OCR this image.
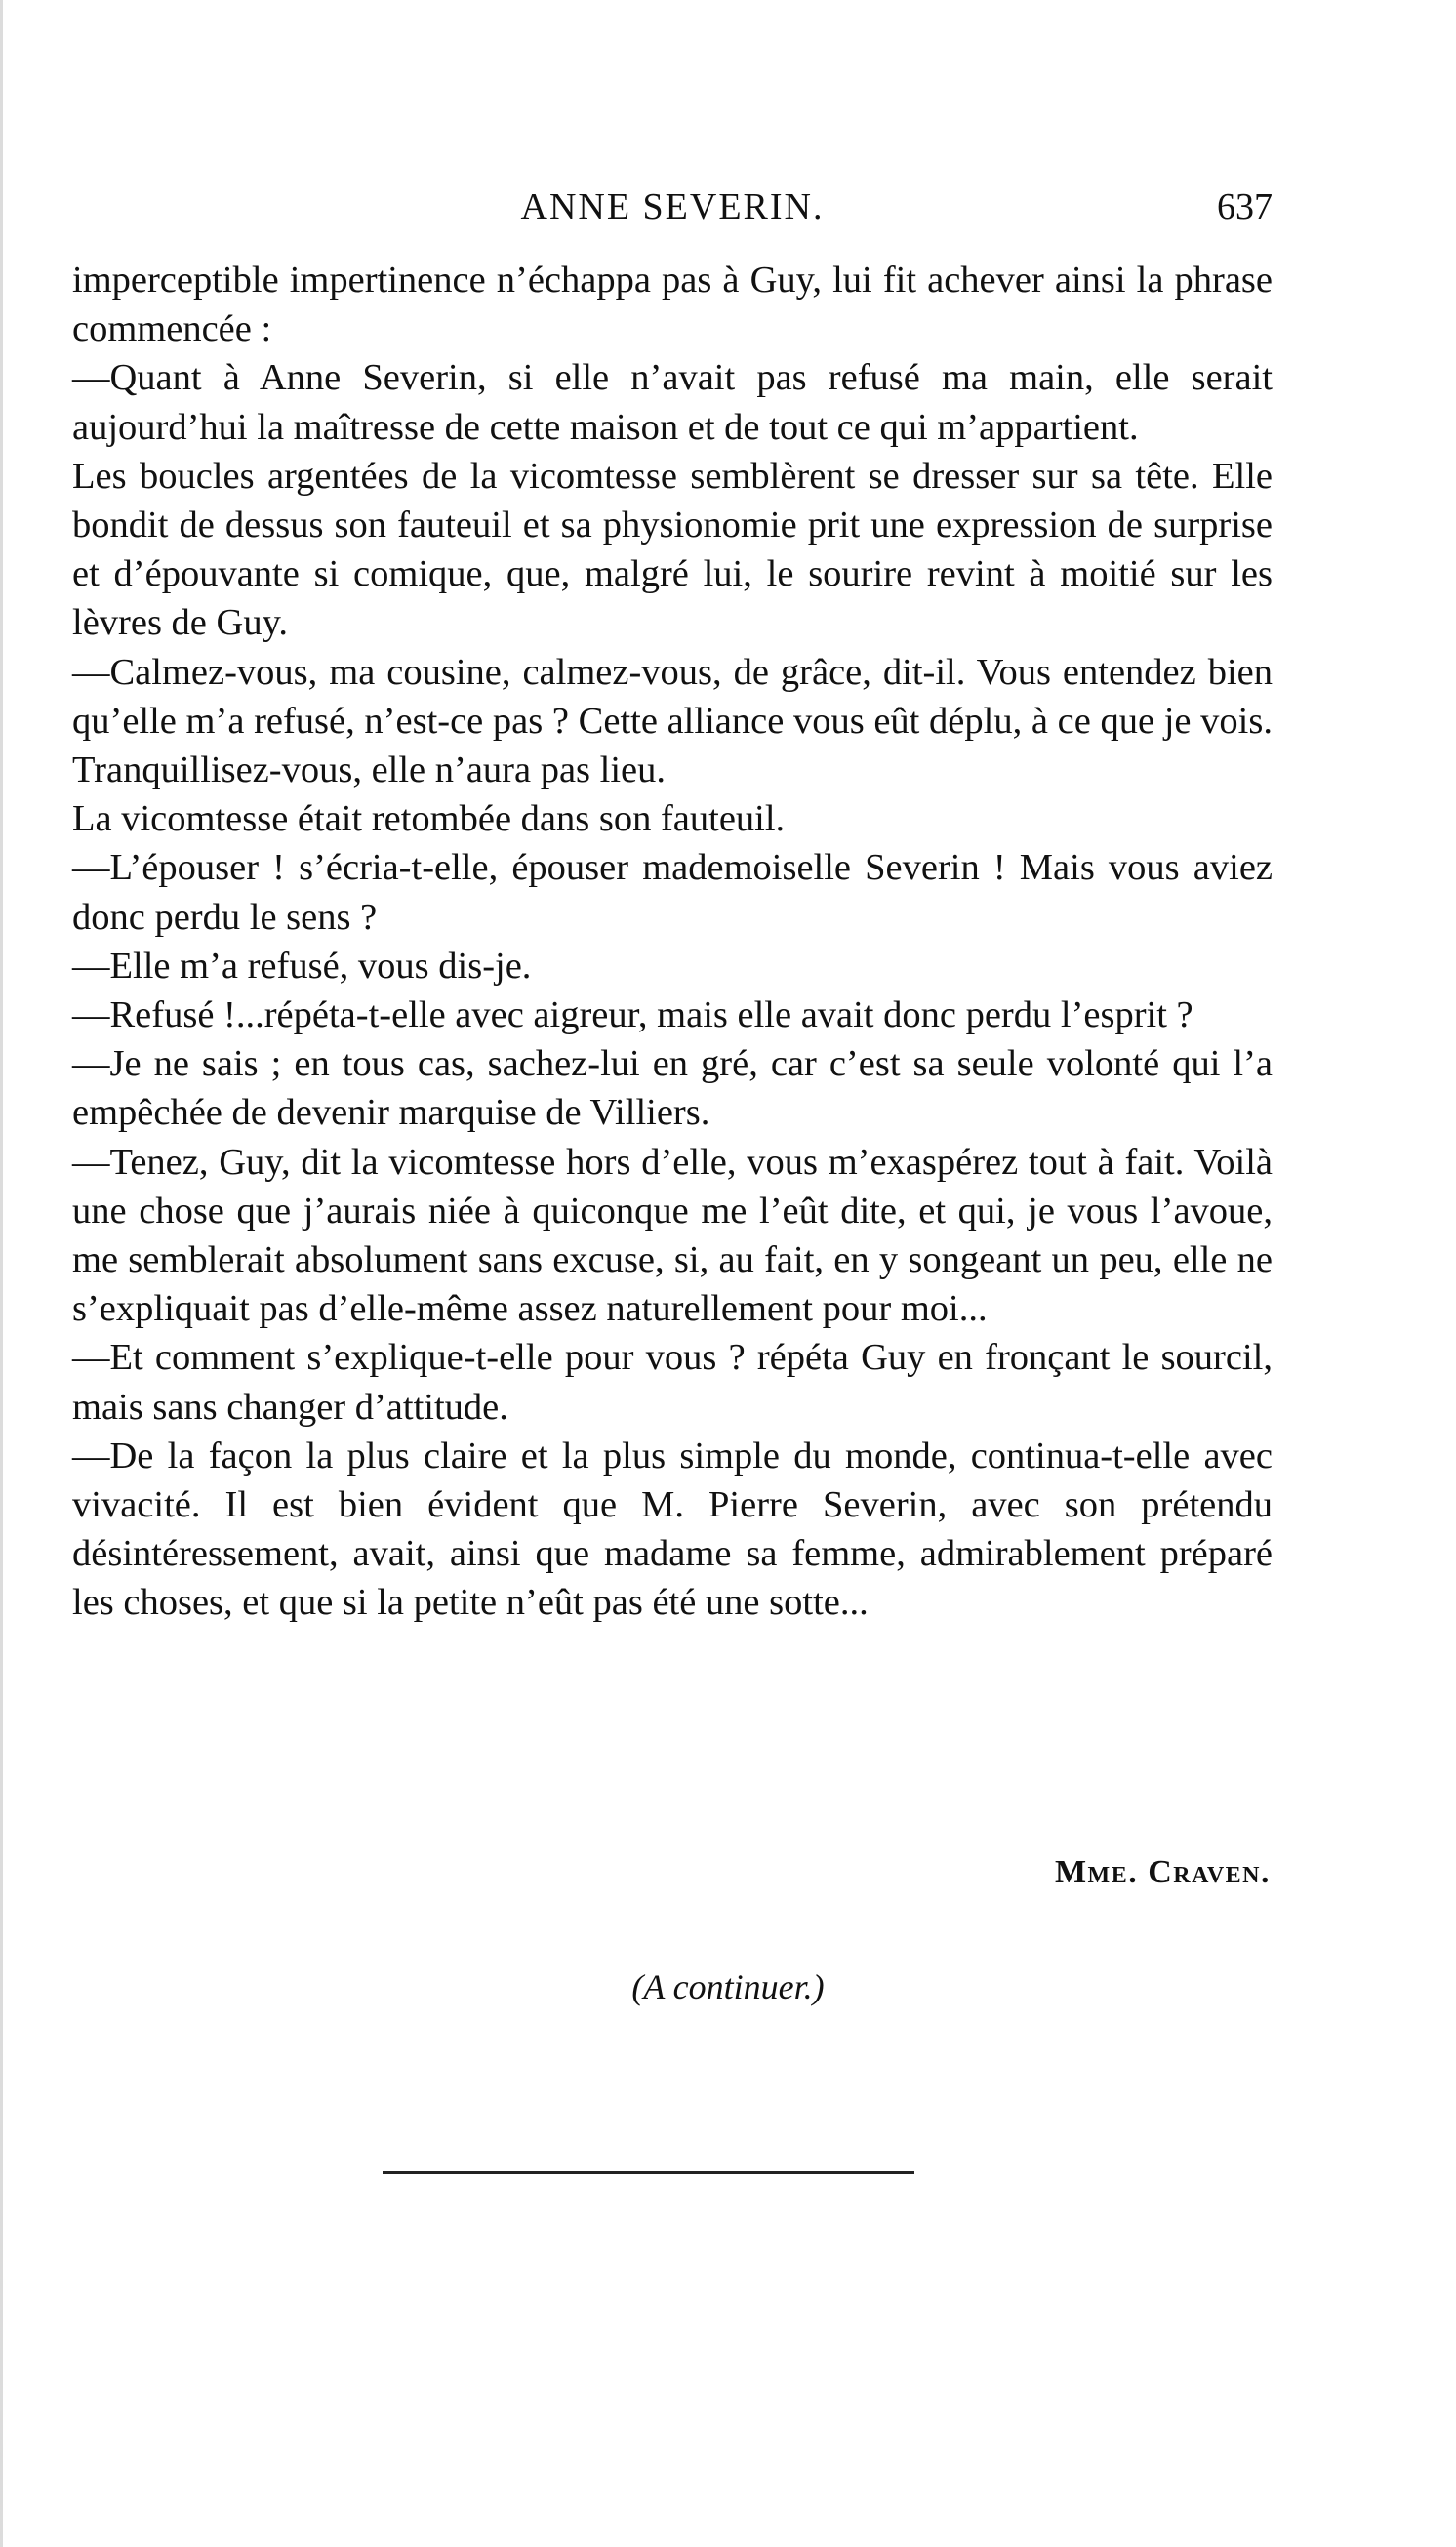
ANNE SEVERIN.	637

imperceptible impertinence n’échappa pas à Guy, lui fit achever ainsi la phrase commencée :

—Quant à Anne Severin, si elle n’avait pas refusé ma main, elle serait aujourd’hui la maîtresse de cette maison et de tout ce qui m’appartient.

Les boucles argentées de la vicomtesse semblèrent se dresser sur sa tête. Elle bondit de dessus son fauteuil et sa physionomie prit une expression de surprise et d’épouvante si comique, que, malgré lui, le sourire revint à moitié sur les lèvres de Guy.

—Calmez-vous, ma cousine, calmez-vous, de grâce, dit-il. Vous entendez bien qu’elle m’a refusé, n’est-ce pas ? Cette alliance vous eût déplu, à ce que je vois. Tranquillisez-vous, elle n’aura pas lieu.

La vicomtesse était retombée dans son fauteuil.

—L’épouser ! s’écria-t-elle, épouser mademoiselle Severin ! Mais vous aviez donc perdu le sens ?

—Elle m’a refusé, vous dis-je.

—Refusé !...répéta-t-elle avec aigreur, mais elle avait donc perdu l’esprit ?

—Je ne sais ; en tous cas, sachez-lui en gré, car c’est sa seule volonté qui l’a empêchée de devenir marquise de Villiers.

—Tenez, Guy, dit la vicomtesse hors d’elle, vous m’exaspérez tout à fait. Voilà une chose que j’aurais niée à quiconque me l’eût dite, et qui, je vous l’avoue, me semblerait absolument sans excuse, si, au fait, en y songeant un peu, elle ne s’expliquait pas d’elle-même assez naturellement pour moi...

—Et comment s’explique-t-elle pour vous ? répéta Guy en fronçant le sourcil, mais sans changer d’attitude.

—De la façon la plus claire et la plus simple du monde, continua-t-elle avec vivacité. Il est bien évident que M. Pierre Severin, avec son prétendu désintéressement, avait, ainsi que madame sa femme, admirablement préparé les choses, et que si la petite n’eût pas été une sotte...

Mme. Craven.
(A continuer.)
